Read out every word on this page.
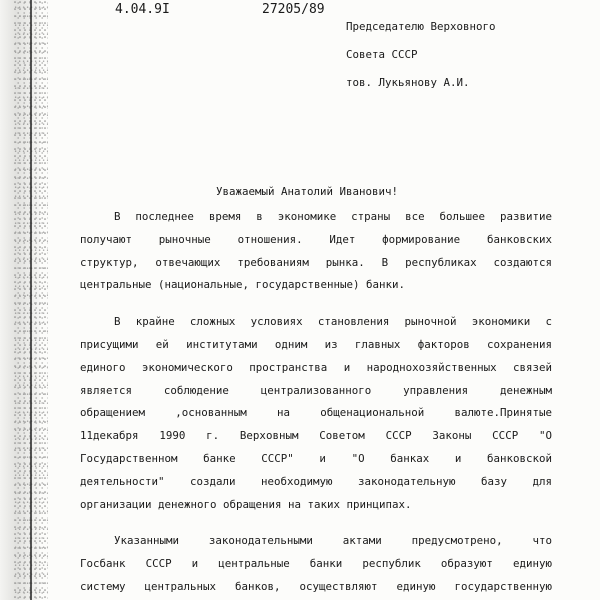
4.04.9I	27205/89
Председателю Верховного
Совета СССР
тов. Лукьянову А.И.
Уважаемый Анатолий Иванович!
В последнее время в экономике страны все большее развитие
получают рыночные отношения. Идет формирование банковских
структур, отвечающих требованиям рынка. В республиках создаются
центральные (национальные, государственные) банки.
В крайне сложных условиях становления рыночной экономики с
присущими ей институтами одним из главных факторов сохранения
единого экономического пространства и народнохозяйственных связей
является соблюдение централизованного управления денежным
обращением ,основанным на общенациональной валюте.Принятые
11декабря 1990 г. Верховным Советом СССР Законы СССР "О
Государственном банке СССР" и "О банках и банковской
деятельности" создали необходимую законодательную базу для
организации денежного обращения на таких принципах.
Указанными законодательными актами предусмотрено, что
Госбанк СССР и центральные банки республик образуют единую
систему центральных банков, осуществляют единую государственную
